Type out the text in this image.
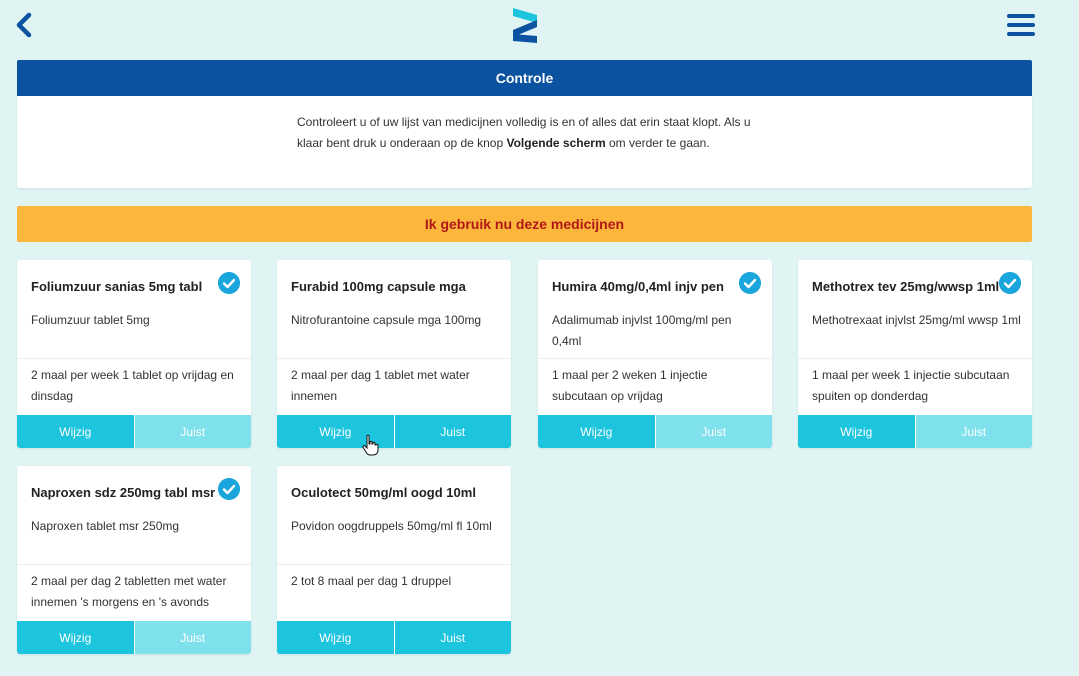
Controle

Controleert u of uw lijst van medicijnen volledig is en of alles dat erin staat klopt. Als u klaar bent druk u onderaan op de knop Volgende scherm om verder te gaan.

Ik gebruik nu deze medicijnen
Foliumzuur sanias 5mg tabl
Foliumzuur tablet 5mg
2 maal per week 1 tablet op vrijdag en dinsdag
Wijzig	Juist
Furabid 100mg capsule mga
Nitrofurantoine capsule mga 100mg
2 maal per dag 1 tablet met water innemen
Wijzig	Juist
Humira 40mg/0,4ml injv pen
Adalimumab injvlst 100mg/ml pen 0,4ml
1 maal per 2 weken 1 injectie subcutaan op vrijdag
Wijzig	Juist
Methotrex tev 25mg/wwsp 1ml
Methotrexaat injvlst 25mg/ml wwsp 1ml
1 maal per week 1 injectie subcutaan spuiten op donderdag
Wijzig	Juist
Naproxen sdz 250mg tabl msr
Naproxen tablet msr 250mg
2 maal per dag 2 tabletten met water innemen 's morgens en 's avonds
Wijzig	Juist
Oculotect 50mg/ml oogd 10ml
Povidon oogdruppels 50mg/ml fl 10ml
2 tot 8 maal per dag 1 druppel
Wijzig	Juist
